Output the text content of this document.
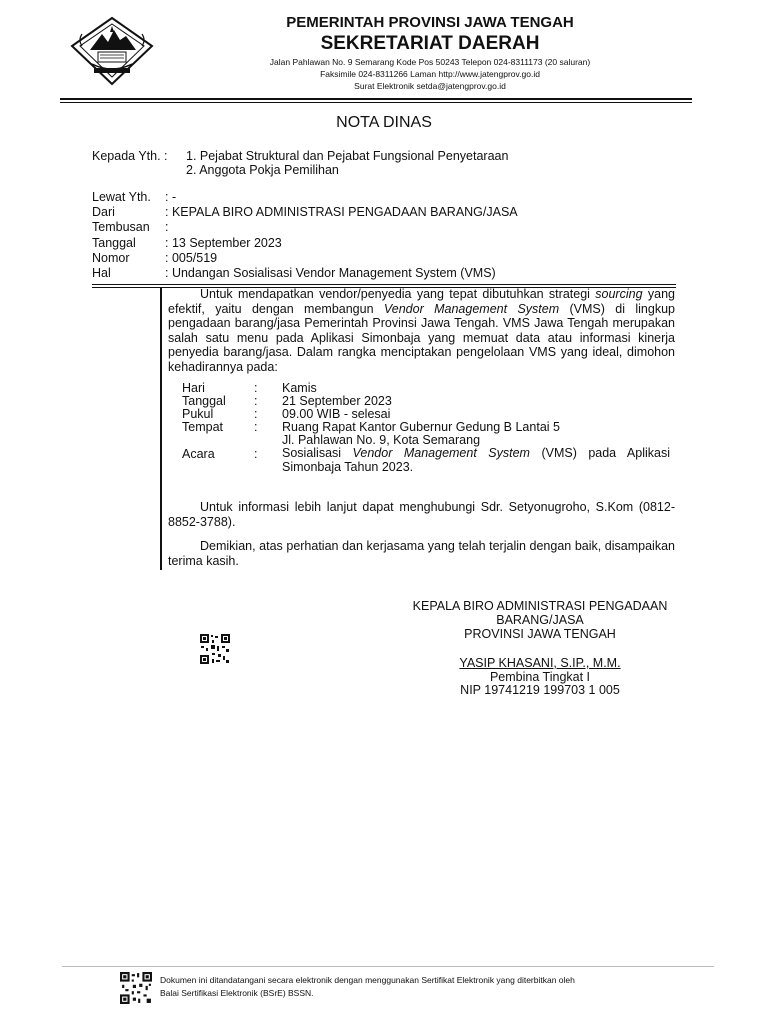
PEMERINTAH PROVINSI JAWA TENGAH
SEKRETARIAT DAERAH
Jalan Pahlawan No. 9 Semarang Kode Pos 50243 Telepon 024-8311173 (20 saluran)
Faksimile 024-8311266 Laman http://www.jatengprov.go.id
Surat Elektronik setda@jatengprov.go.id
NOTA DINAS
Kepada Yth. : 1. Pejabat Struktural dan Pejabat Fungsional Penyetaraan
2. Anggota Pokja Pemilihan
Lewat Yth. : -
Dari	: KEPALA BIRO ADMINISTRASI PENGADAAN BARANG/JASA
Tembusan :
Tanggal : 13 September 2023
Nomor	: 005/519
Hal	: Undangan Sosialisasi Vendor Management System (VMS)
Untuk mendapatkan vendor/penyedia yang tepat dibutuhkan strategi sourcing yang efektif, yaitu dengan membangun Vendor Management System (VMS) di lingkup pengadaan barang/jasa Pemerintah Provinsi Jawa Tengah. VMS Jawa Tengah merupakan salah satu menu pada Aplikasi Simonbaja yang memuat data atau informasi kinerja penyedia barang/jasa. Dalam rangka menciptakan pengelolaan VMS yang ideal, dimohon kehadirannya pada:
Hari	: Kamis
Tanggal : 21 September 2023
Pukul	: 09.00 WIB - selesai
Tempat : Ruang Rapat Kantor Gubernur Gedung B Lantai 5
Jl. Pahlawan No. 9, Kota Semarang
Acara	: Sosialisasi Vendor Management System (VMS) pada Aplikasi Simonbaja Tahun 2023.
Untuk informasi lebih lanjut dapat menghubungi Sdr. Setyonugroho, S.Kom (0812-8852-3788).
Demikian, atas perhatian dan kerjasama yang telah terjalin dengan baik, disampaikan terima kasih.
KEPALA BIRO ADMINISTRASI PENGADAAN
BARANG/JASA
PROVINSI JAWA TENGAH
YASIP KHASANI, S.IP., M.M.
Pembina Tingkat I
NIP 19741219 199703 1 005
Dokumen ini ditandatangani secara elektronik dengan menggunakan Sertifikat Elektronik yang diterbitkan oleh
Balai Sertifikasi Elektronik (BSrE) BSSN.
